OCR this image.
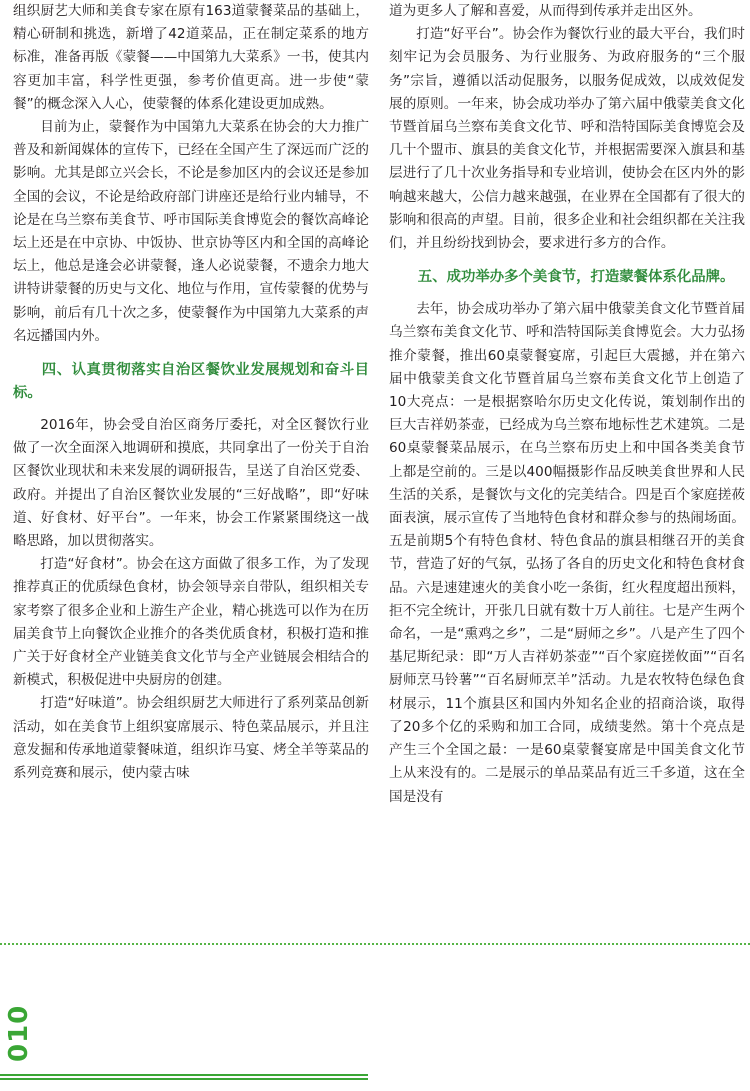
组织厨艺大师和美食专家在原有163道蒙餐菜品的基础上，精心研制和挑选，新增了42道菜品，正在制定菜系的地方标准，准备再版《蒙餐——中国第九大菜系》一书，使其内容更加丰富，科学性更强，参考价值更高。进一步使“蒙餐”的概念深入人心，使蒙餐的体系化建设更加成熟。

目前为止，蒙餐作为中国第九大菜系在协会的大力推广普及和新闻媒体的宣传下，已经在全国产生了深远而广泛的影响。尤其是郎立兴会长，不论是参加区内的会议还是参加全国的会议，不论是给政府部门讲座还是给行业内辅导，不论是在乌兰察布美食节、呼市国际美食博览会的餐饮高峰论坛上还是在中京协、中饭协、世京协等区内和全国的高峰论坛上，他总是逢会必讲蒙餐，逢人必说蒙餐，不遗余力地大讲特讲蒙餐的历史与文化、地位与作用，宣传蒙餐的优势与影响，前后有几十次之多，使蒙餐作为中国第九大菜系的声名远播国内外。

四、认真贯彻落实自治区餐饮业发展规划和奋斗目标。

2016年，协会受自治区商务厅委托，对全区餐饮行业做了一次全面深入地调研和摸底，共同拿出了一份关于自治区餐饮业现状和未来发展的调研报告，呈送了自治区党委、政府。并提出了自治区餐饮业发展的“三好战略”，即“好味道、好食材、好平台”。一年来，协会工作紧紧围绕这一战略思路，加以贯彻落实。

打造“好食材”。协会在这方面做了很多工作，为了发现推荐真正的优质绿色食材，协会领导亲自带队，组织相关专家考察了很多企业和上游生产企业，精心挑选可以作为在历届美食节上向餐饮企业推介的各类优质食材，积极打造和推广关于好食材全产业链美食文化节与全产业链展会相结合的新模式，积极促进中央厨房的创建。

打造“好味道”。协会组织厨艺大师进行了系列菜品创新活动，如在美食节上组织宴席展示、特色菜品展示，并且注意发掘和传承地道蒙餐味道，组织诈马宴、烤全羊等菜品的系列竞赛和展示，使内蒙古味

道为更多人了解和喜爱，从而得到传承并走出区外。

打造“好平台”。协会作为餐饮行业的最大平台，我们时刻牢记为会员服务、为行业服务、为政府服务的“三个服务”宗旨，遵循以活动促服务，以服务促成效，以成效促发展的原则。一年来，协会成功举办了第六届中俄蒙美食文化节暨首届乌兰察布美食文化节、呼和浩特国际美食博览会及几十个盟市、旗县的美食文化节，并根据需要深入旗县和基层进行了几十次业务指导和专业培训，使协会在区内外的影响越来越大，公信力越来越强，在业界在全国都有了很大的影响和很高的声望。目前，很多企业和社会组织都在关注我们，并且纷纷找到协会，要求进行多方的合作。

五、成功举办多个美食节，打造蒙餐体系化品牌。

去年，协会成功举办了第六届中俄蒙美食文化节暨首届乌兰察布美食文化节、呼和浩特国际美食博览会。大力弘扬推介蒙餐，推出60桌蒙餐宴席，引起巨大震撼，并在第六届中俄蒙美食文化节暨首届乌兰察布美食文化节上创造了10大亮点：一是根据察哈尔历史文化传说，策划制作出的巨大吉祥奶茶壶，已经成为乌兰察布地标性艺术建筑。二是60桌蒙餐菜品展示，在乌兰察布历史上和中国各类美食节上都是空前的。三是以400幅摄影作品反映美食世界和人民生活的关系，是餐饮与文化的完美结合。四是百个家庭搓莜面表演，展示宣传了当地特色食材和群众参与的热闹场面。五是前期5个有特色食材、特色食品的旗县相继召开的美食节，营造了好的气氛，弘扬了各自的历史文化和特色食材食品。六是速建速火的美食小吃一条街，红火程度超出预料，拒不完全统计，开张几日就有数十万人前往。七是产生两个命名，一是“熏鸡之乡”，二是“厨师之乡”。八是产生了四个基尼斯纪录：即“万人吉祥奶茶壶”“百个家庭搓攸面”“百名厨师烹马铃薯”“百名厨师烹羊”活动。九是农牧特色绿色食材展示，11个旗县区和国内外知名企业的招商洽谈，取得了20多个亿的采购和加工合同，成绩斐然。第十个亮点是产生三个全国之最：一是60桌蒙餐宴席是中国美食文化节上从来没有的。二是展示的单品菜品有近三千多道，这在全国是没有

010
